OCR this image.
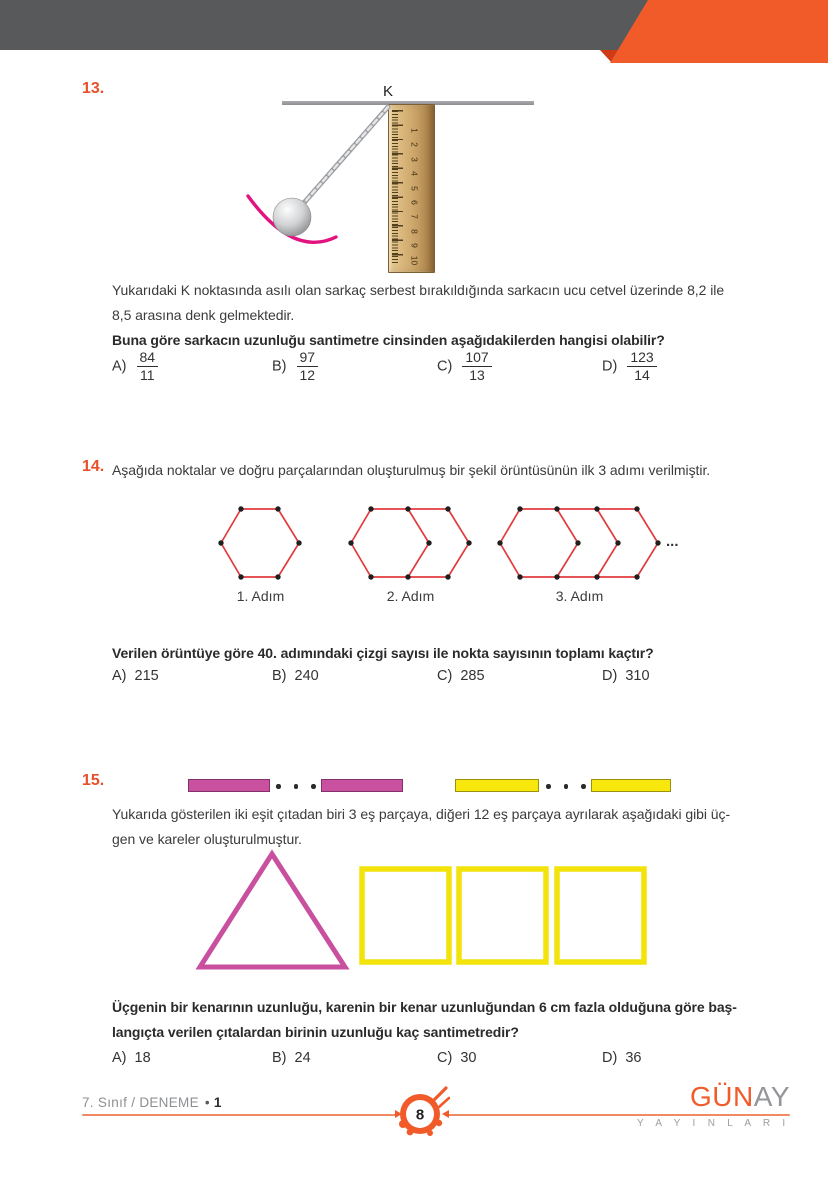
13.	K
1
2
3
4
5
6
7
8
9
10
Yukarıdaki K noktasında asılı olan sarkaç serbest bırakıldığında sarkacın ucu cetvel üzerinde 8,2 ile
8,5 arasına denk gelmektedir.
Buna göre sarkacın uzunluğu santimetre cinsinden aşağıdakilerden hangisi olabilir?
$A) \frac{84}{11}$	$B) \frac{97}{12}$	$C) \frac{107}{13}$	$D) \frac{123}{14}$
14. Aşağıda noktalar ve doğru parçalarından oluşturulmuş bir şekil örüntüsünün ilk 3 adımı verilmiştir.
...
1. Adım	2. Adım	3. Adım
Verilen örüntüye göre 40. adımındaki çizgi sayısı ile nokta sayısının toplamı kaçtır?
A) 215	B) 240	C) 285	D) 310
15.
Yukarıda gösterilen iki eşit çıtadan biri 3 eş parçaya, diğeri 12 eş parçaya ayrılarak aşağıdaki gibi üç-
gen ve kareler oluşturulmuştur.
Üçgenin bir kenarının uzunluğu, karenin bir kenar uzunluğundan 6 cm fazla olduğuna göre baş-
langıçta verilen çıtalardan birinin uzunluğu kaç santimetredir?
A) 18	B) 24	C) 30	D) 36
7. Sınıf / DENEME • 1
8
GÜNAY
Y A Y I N L A R I
